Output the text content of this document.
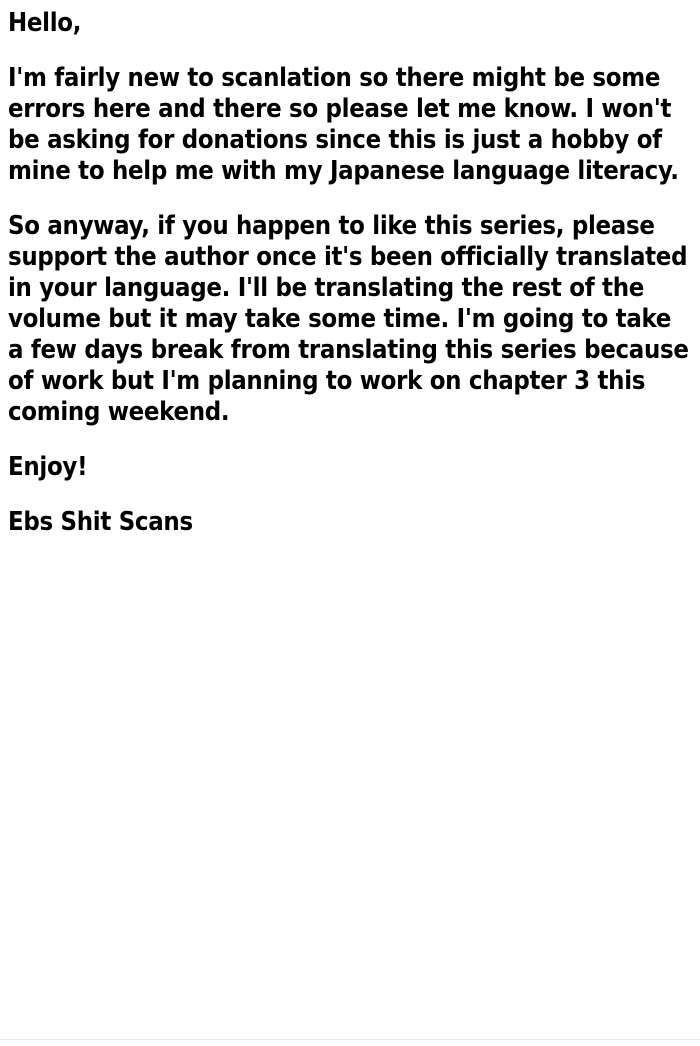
Hello,

I'm fairly new to scanlation so there might be some errors here and there so please let me know. I won't be asking for donations since this is just a hobby of mine to help me with my Japanese language literacy.

So anyway, if you happen to like this series, please support the author once it's been officially translated in your language. I'll be translating the rest of the volume but it may take some time. I'm going to take a few days break from translating this series because of work but I'm planning to work on chapter 3 this coming weekend.

Enjoy!

Ebs Shit Scans
